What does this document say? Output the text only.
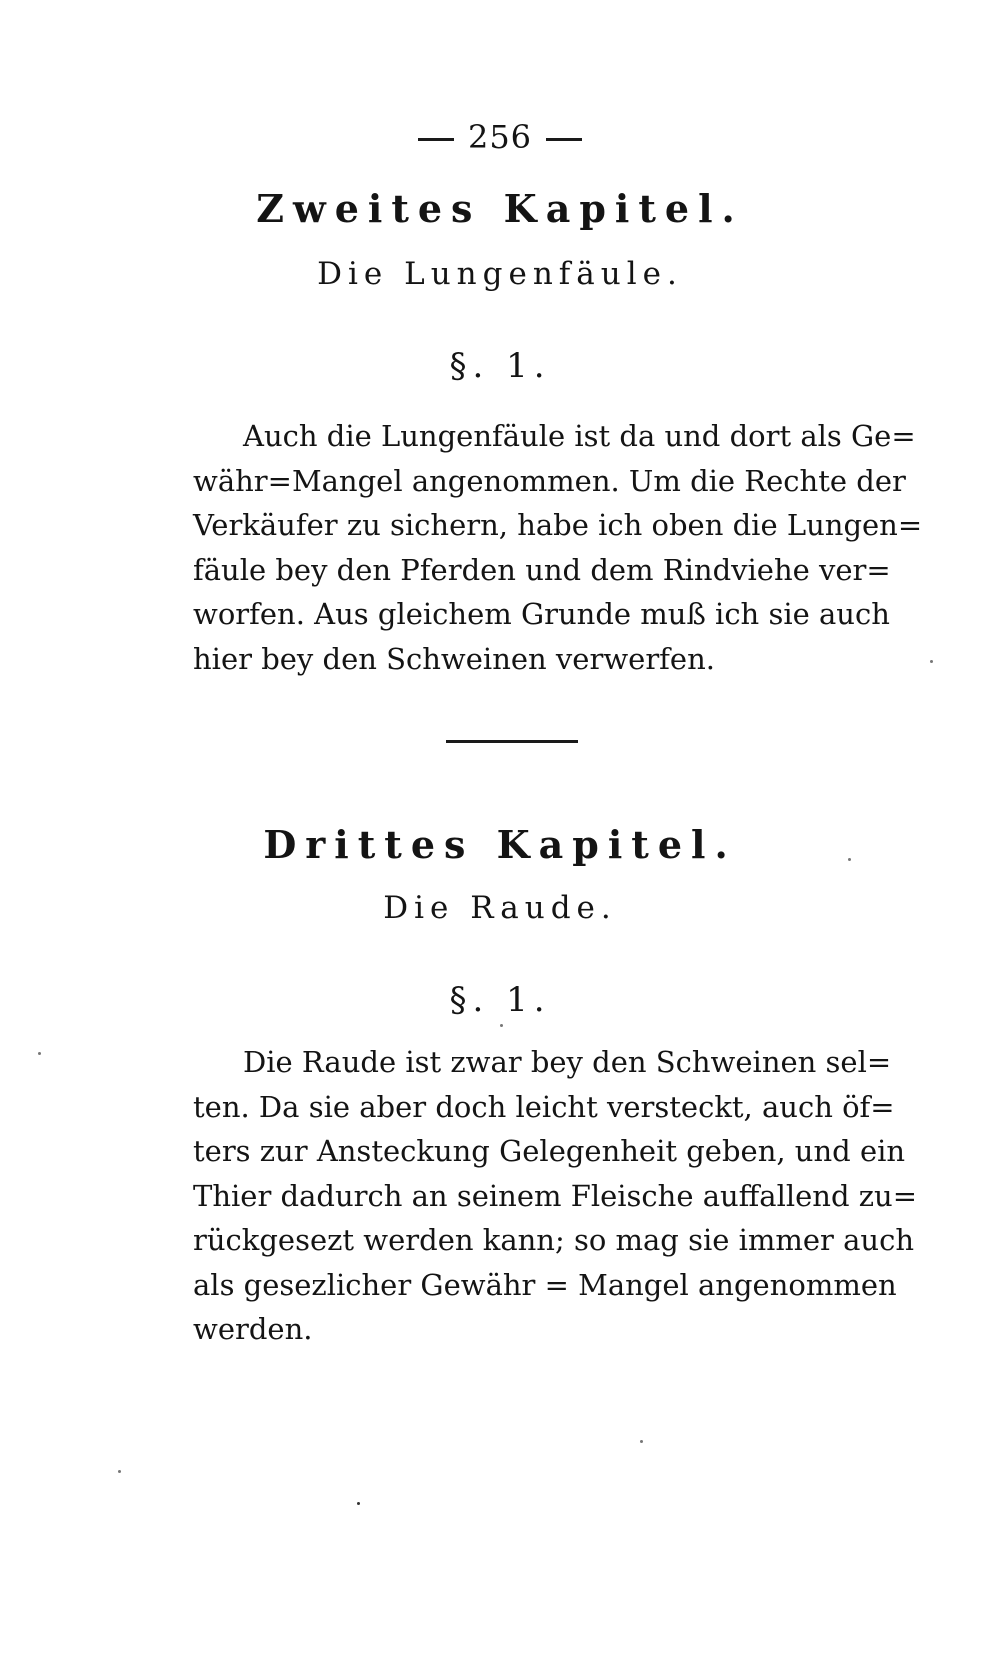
256
Zweites Kapitel.
Die Lungenfäule.
§. 1.
Auch die Lungenfäule ist da und dort als Ge=
währ=Mangel angenommen. Um die Rechte der
Verkäufer zu sichern, habe ich oben die Lungen=
fäule bey den Pferden und dem Rindviehe ver=
worfen. Aus gleichem Grunde muß ich sie auch
hier bey den Schweinen verwerfen.
Drittes Kapitel.
Die Raude.
§. 1.
Die Raude ist zwar bey den Schweinen sel=
ten. Da sie aber doch leicht versteckt, auch öf=
ters zur Ansteckung Gelegenheit geben, und ein
Thier dadurch an seinem Fleische auffallend zu=
rückgesezt werden kann; so mag sie immer auch
als gesezlicher Gewähr = Mangel angenommen
werden.
